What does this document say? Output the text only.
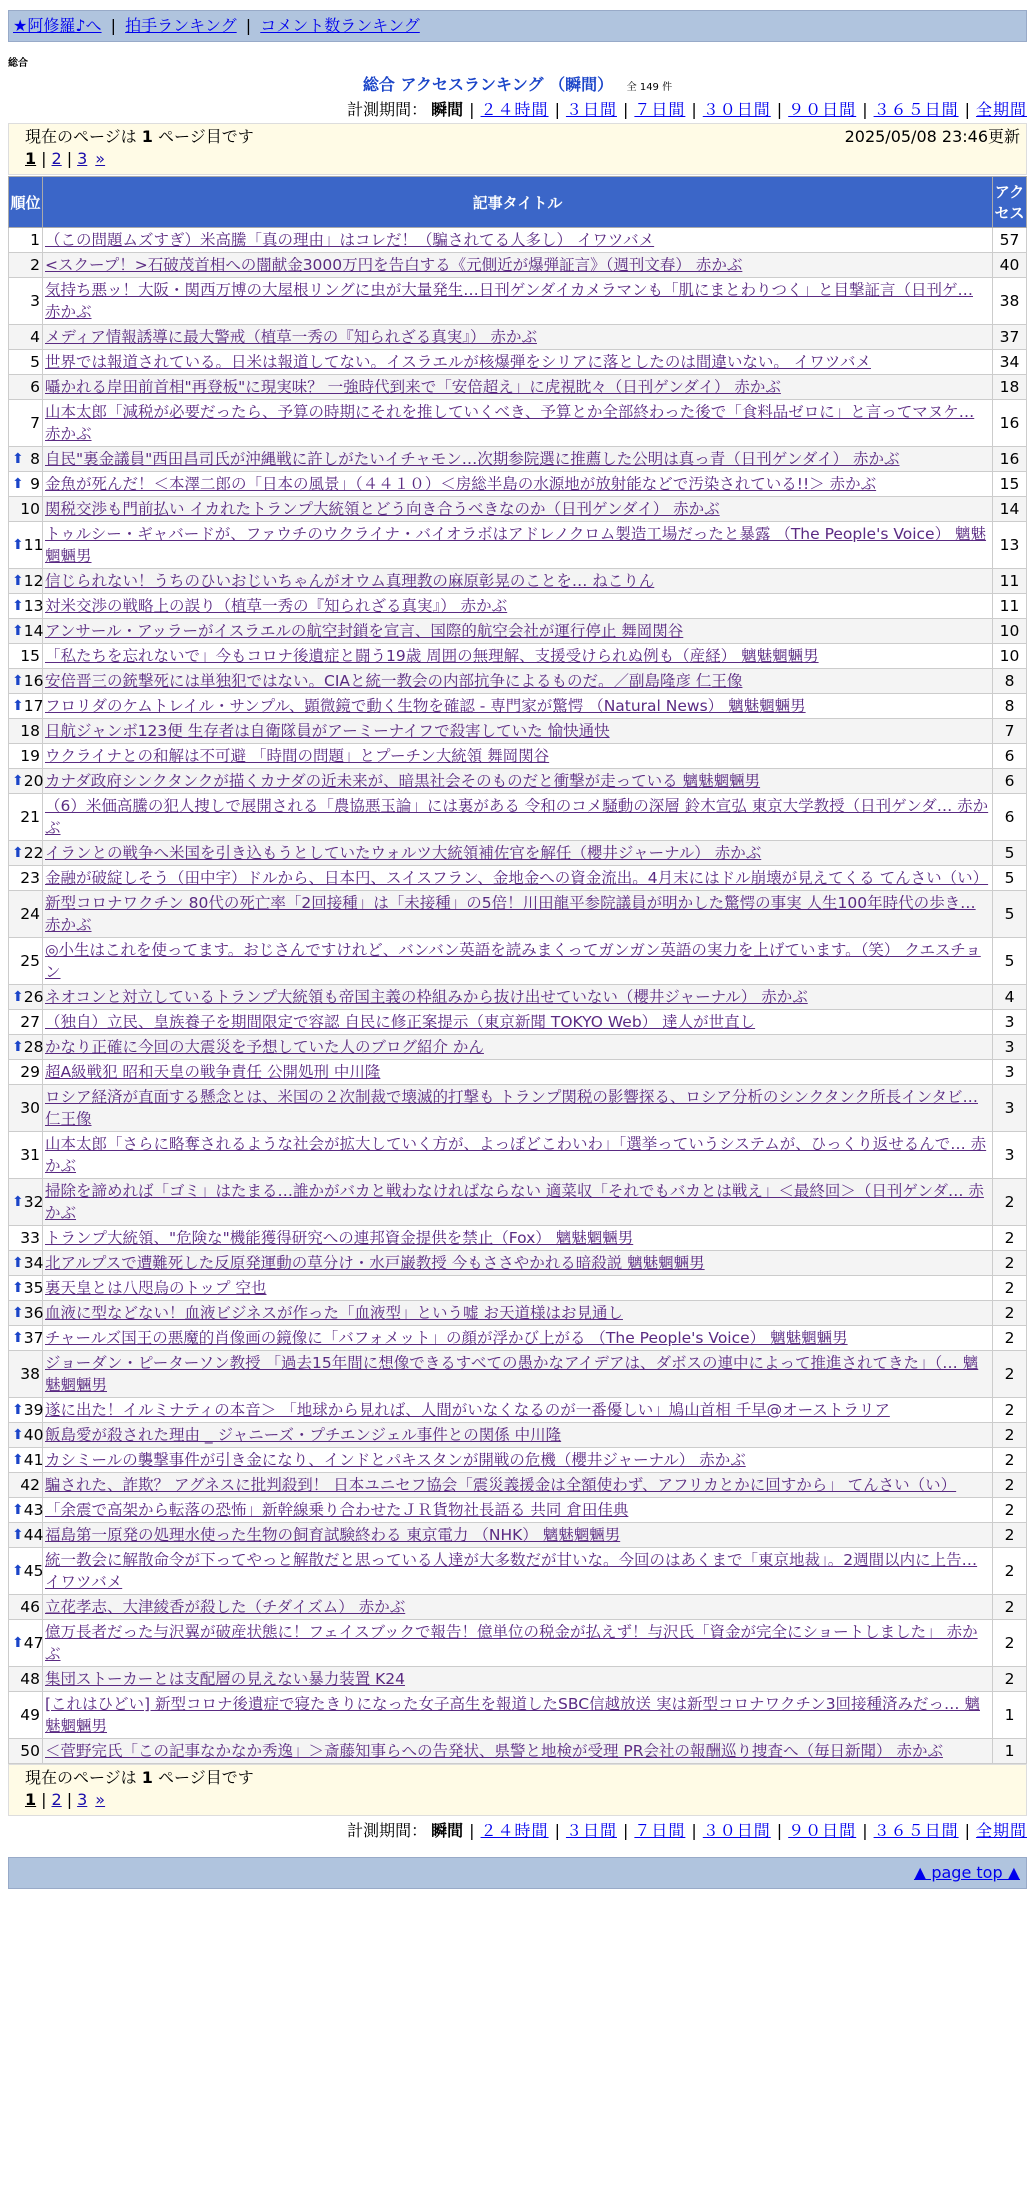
★阿修羅♪へ | 拍手ランキング | コメント数ランキング
総合
総合 アクセスランキング （瞬間） 全 149 件
計測期間： 瞬間 | ２４時間 | ３日間 | ７日間 | ３０日間 | ９０日間 | ３６５日間 | 全期間
現在のページは 1 ページ目です	2025/05/08 23:46更新
1 | 2 | 3 »
順位	記事タイトル	アクセス
1	（この問題ムズすぎ）米高騰「真の理由」はコレだ！（騙されてる人多し） イワツバメ	57
2	<スクープ！>石破茂首相への闇献金3000万円を告白する《元側近が爆弾証言》（週刊文春） 赤かぶ	40
3	気持ち悪ッ！大阪・関西万博の大屋根リングに虫が大量発生…日刊ゲンダイカメラマンも「肌にまとわりつく」と目撃証言（日刊ゲ… 赤かぶ	38
4	メディア情報誘導に最大警戒（植草一秀の『知られざる真実』） 赤かぶ	37
5	世界では報道されている。日米は報道してない。イスラエルが核爆弾をシリアに落としたのは間違いない。 イワツバメ	34
6	囁かれる岸田前首相"再登板"に現実味？ 一強時代到来で「安倍超え」に虎視眈々（日刊ゲンダイ） 赤かぶ	18
7	山本太郎「減税が必要だったら、予算の時期にそれを推していくべき、予算とか全部終わった後で「食料品ゼロに」と言ってマヌケ… 赤かぶ	16

⬆ 8	自民"裏金議員"西田昌司氏が沖縄戦に許しがたいイチャモン…次期参院選に推薦した公明は真っ青（日刊ゲンダイ） 赤かぶ	16

⬆ 9	金魚が死んだ！＜本澤二郎の「日本の風景」（４４１０）＜房総半島の水源地が放射能などで汚染されている!!＞ 赤かぶ	15
10	関税交渉も門前払い イカれたトランプ大統領とどう向き合うべきなのか（日刊ゲンダイ） 赤かぶ	14

⬆ 11	トゥルシー・ギャバードが、ファウチのウクライナ・バイオラボはアドレノクロム製造工場だったと暴露 （The People's Voice） 魑魅魍魎男	13

⬆ 12	信じられない！うちのひいおじいちゃんがオウム真理教の麻原彰晃のことを… ねこりん	11

⬆ 13	対米交渉の戦略上の誤り（植草一秀の『知られざる真実』） 赤かぶ	11

⬆ 14	アンサール・アッラーがイスラエルの航空封鎖を宣言、国際的航空会社が運行停止 舞岡関谷	10
15	「私たちを忘れないで」今もコロナ後遺症と闘う19歳 周囲の無理解、支援受けられぬ例も（産経） 魑魅魍魎男	10

⬆ 16	安倍晋三の銃撃死には単独犯ではない。CIAと統一教会の内部抗争によるものだ。／副島隆彦 仁王像	8

⬆ 17	フロリダのケムトレイル・サンプル、顕微鏡で動く生物を確認 - 専門家が驚愕 （Natural News） 魑魅魍魎男	8
18	日航ジャンボ123便 生存者は自衛隊員がアーミーナイフで殺害していた 愉快通快	7
19	ウクライナとの和解は不可避 「時間の問題」とプーチン大統領 舞岡関谷	6

⬆ 20	カナダ政府シンクタンクが描くカナダの近未来が、暗黒社会そのものだと衝撃が走っている 魑魅魍魎男	6
21	（6）米価高騰の犯人捜しで展開される「農協悪玉論」には裏がある 令和のコメ騒動の深層 鈴木宣弘 東京大学教授（日刊ゲンダ… 赤かぶ	6

⬆ 22	イランとの戦争へ米国を引き込もうとしていたウォルツ大統領補佐官を解任（櫻井ジャーナル） 赤かぶ	5
23	金融が破綻しそう（田中宇）ドルから、日本円、スイスフラン、金地金への資金流出。4月末にはドル崩壊が見えてくる てんさい（い）	5
24	新型コロナワクチン 80代の死亡率「2回接種」は「未接種」の5倍！川田龍平参院議員が明かした驚愕の事実 人生100年時代の歩き… 赤かぶ	5
25	◎小生はこれを使ってます。おじさんですけれど、バンバン英語を読みまくってガンガン英語の実力を上げています。（笑） クエスチョン	5

⬆ 26	ネオコンと対立しているトランプ大統領も帝国主義の枠組みから抜け出せていない（櫻井ジャーナル） 赤かぶ	4
27	（独自）立民、皇族養子を期間限定で容認 自民に修正案提示（東京新聞 TOKYO Web） 達人が世直し	3

⬆ 28	かなり正確に今回の大震災を予想していた人のブログ紹介 かん	3
29	超A級戦犯 昭和天皇の戦争責任 公開処刑 中川隆	3
30	ロシア経済が直面する懸念とは、米国の２次制裁で壊滅的打撃も トランプ関税の影響探る、ロシア分析のシンクタンク所長インタビ… 仁王像	3
31	山本太郎「さらに略奪されるような社会が拡大していく方が、よっぽどこわいわ」「選挙っていうシステムが、ひっくり返せるんで… 赤かぶ	3

⬆ 32	掃除を諦めれば「ゴミ」はたまる…誰かがバカと戦わなければならない 適菜収「それでもバカとは戦え」＜最終回＞（日刊ゲンダ… 赤かぶ	2
33	トランプ大統領、"危険な"機能獲得研究への連邦資金提供を禁止（Fox） 魑魅魍魎男	2

⬆ 34	北アルプスで遭難死した反原発運動の草分け・水戸巌教授 今もささやかれる暗殺説 魑魅魍魎男	2

⬆ 35	裏天皇とは八咫烏のトップ 空也	2

⬆ 36	血液に型などない！血液ビジネスが作った「血液型」という嘘 お天道様はお見通し	2

⬆ 37	チャールズ国王の悪魔的肖像画の鏡像に「バフォメット」の顔が浮かび上がる （The People's Voice） 魑魅魍魎男	2
38	ジョーダン・ピーターソン教授 「過去15年間に想像できるすべての愚かなアイデアは、ダボスの連中によって推進されてきた」（… 魑魅魍魎男	2

⬆ 39	遂に出た！イルミナティの本音＞ 「地球から見れば、人間がいなくなるのが一番優しい」鳩山首相 千早@オーストラリア	2

⬆ 40	飯島愛が殺された理由 _ ジャニーズ・プチエンジェル事件との関係 中川隆	2

⬆ 41	カシミールの襲撃事件が引き金になり、インドとパキスタンが開戦の危機（櫻井ジャーナル） 赤かぶ	2
42	騙された、詐欺？ アグネスに批判殺到！ 日本ユニセフ協会「震災義援金は全額使わず、アフリカとかに回すから」 てんさい（い）	2

⬆ 43	「余震で高架から転落の恐怖」新幹線乗り合わせたＪＲ貨物社長語る 共同 倉田佳典	2

⬆ 44	福島第一原発の処理水使った生物の飼育試験終わる 東京電力 （NHK） 魑魅魍魎男	2

⬆ 45	統一教会に解散命令が下ってやっと解散だと思っている人達が大多数だが甘いな。今回のはあくまで「東京地裁」。2週間以内に上告… イワツバメ	2
46	立花孝志、大津綾香が殺した（チダイズム） 赤かぶ	2

⬆ 47	億万長者だった与沢翼が破産状態に！フェイスブックで報告！億単位の税金が払えず！与沢氏「資金が完全にショートしました」 赤かぶ	2
48	集団ストーカーとは支配層の見えない暴力装置 K24	2
49	[これはひどい] 新型コロナ後遺症で寝たきりになった女子高生を報道したSBC信越放送 実は新型コロナワクチン3回接種済みだっ… 魑魅魍魎男	1
50	＜菅野完氏「この記事なかなか秀逸」＞斎藤知事らへの告発状、県警と地検が受理 PR会社の報酬巡り捜査へ（毎日新聞） 赤かぶ	1
現在のページは 1 ページ目です
1 | 2 | 3 »
計測期間： 瞬間 | ２４時間 | ３日間 | ７日間 | ３０日間 | ９０日間 | ３６５日間 | 全期間
▲ page top ▲
